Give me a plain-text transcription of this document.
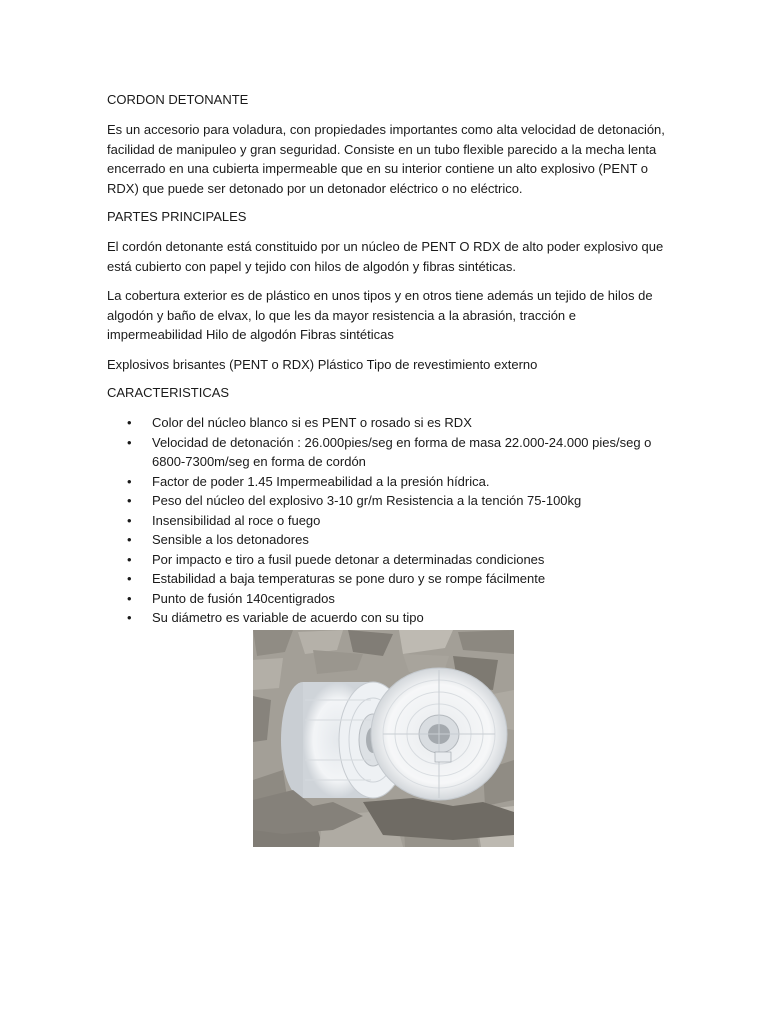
CORDON DETONANTE

Es un accesorio para voladura, con propiedades importantes como alta velocidad de detonación, facilidad de manipuleo y gran seguridad. Consiste en un tubo flexible parecido a la mecha lenta encerrado en una cubierta impermeable que en su interior contiene un alto explosivo (PENT o RDX) que puede ser detonado por un detonador eléctrico o no eléctrico.

PARTES PRINCIPALES

El cordón detonante está constituido por un núcleo de PENT O RDX de alto poder explosivo que está cubierto con papel y tejido con hilos de algodón y fibras sintéticas.

La cobertura exterior es de plástico en unos tipos y en otros tiene además un tejido de hilos de algodón y baño de elvax, lo que les da mayor resistencia a la abrasión, tracción e impermeabilidad Hilo de algodón Fibras sintéticas

Explosivos brisantes (PENT o RDX) Plástico Tipo de revestimiento externo

CARACTERISTICAS

• Color del núcleo blanco si es PENT o rosado si es RDX
• Velocidad de detonación : 26.000pies/seg en forma de masa 22.000-24.000 pies/seg o 6800-7300m/seg en forma de cordón
• Factor de poder 1.45 Impermeabilidad a la presión hídrica.
• Peso del núcleo del explosivo 3-10 gr/m Resistencia a la tención 75-100kg
• Insensibilidad al roce o fuego
• Sensible a los detonadores
• Por impacto e tiro a fusil puede detonar a determinadas condiciones
• Estabilidad a baja temperaturas se pone duro y se rompe fácilmente
• Punto de fusión 140centigrados
• Su diámetro es variable de acuerdo con su tipo
